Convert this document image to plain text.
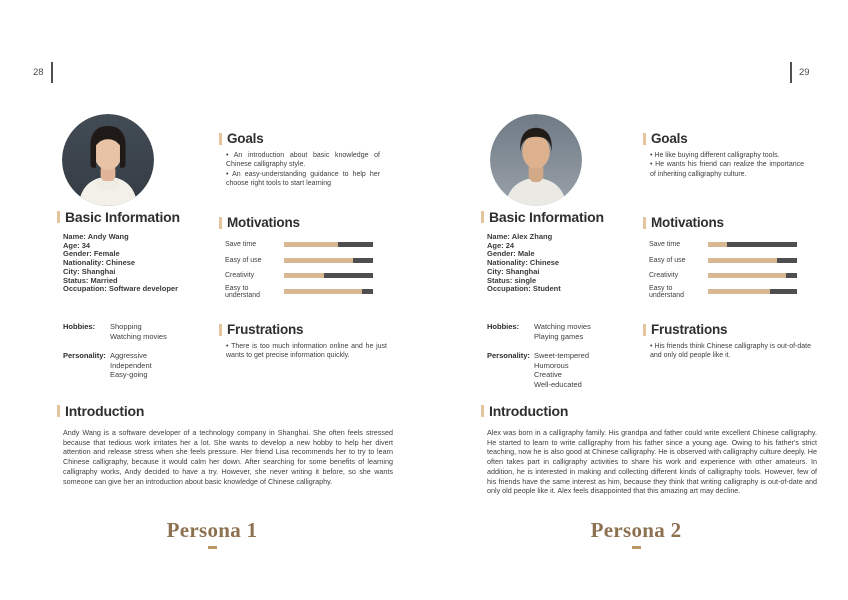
28
Goals
• An introduction about basic knowledge of Chinese calligraphy style.
• An easy-understanding guidance to help her choose right tools to start learning
Basic Information
Name: Andy Wang
Age: 34
Gender: Female
Nationality: Chinese
City: Shanghai
Status: Married
Occupation: Software developer
Motivations
Save time
Easy of use
Creativity
Easy to understand
Hobbies:	Shopping
Watching movies
Personality: Aggressive
Independent
Easy-going
Frustrations
• There is too much information online and he just wants to get precise information quickly.
Introduction
Andy Wang is a software developer of a technology company in Shanghai. She often feels stressed because that tedious work irritates her a lot. She wants to develop a new hobby to help her divert attention and release stress when she feels pressure. Her friend Lisa recommends her to try to learn Chinese calligraphy, because it would calm her down. After searching for some benefits of learning calligraphy works, Andy decided to have a try. However, she never writing it before, so she wants someone can give her an introduction about basic knowledge of Chinese calligraphy.
Persona 1
29
Goals
• He like buying different calligraphy tools.
• He wants his friend can realize the importance of inheriting calligraphy culture.
Basic Information
Name: Alex Zhang
Age: 24
Gender: Male
Nationality: Chinese
City: Shanghai
Status: single
Occupation: Student
Motivations
Save time
Easy of use
Creativity
Easy to understand
Hobbies:	Watching movies
Playing games
Personality: Sweet-tempered
Humorous
Creative
Well-educated
Frustrations
• His friends think Chinese calligraphy is out-of-date and only old people like it.
Introduction
Alex was born in a calligraphy family. His grandpa and father could write excellent Chinese calligraphy. He started to learn to write calligraphy from his father since a young age. Owing to his father's strict teaching, now he is also good at Chinese calligraphy. He is observed with calligraphy culture deeply. He often takes part in calligraphy activities to share his work and experience with other amateurs. In addition, he is interested in making and collecting different kinds of calligraphy tools. However, few of his friends have the same interest as him, because they think that writing calligraphy is out-of-date and only old people like it. Alex feels disappointed that this amazing art may decline.
Persona 2
